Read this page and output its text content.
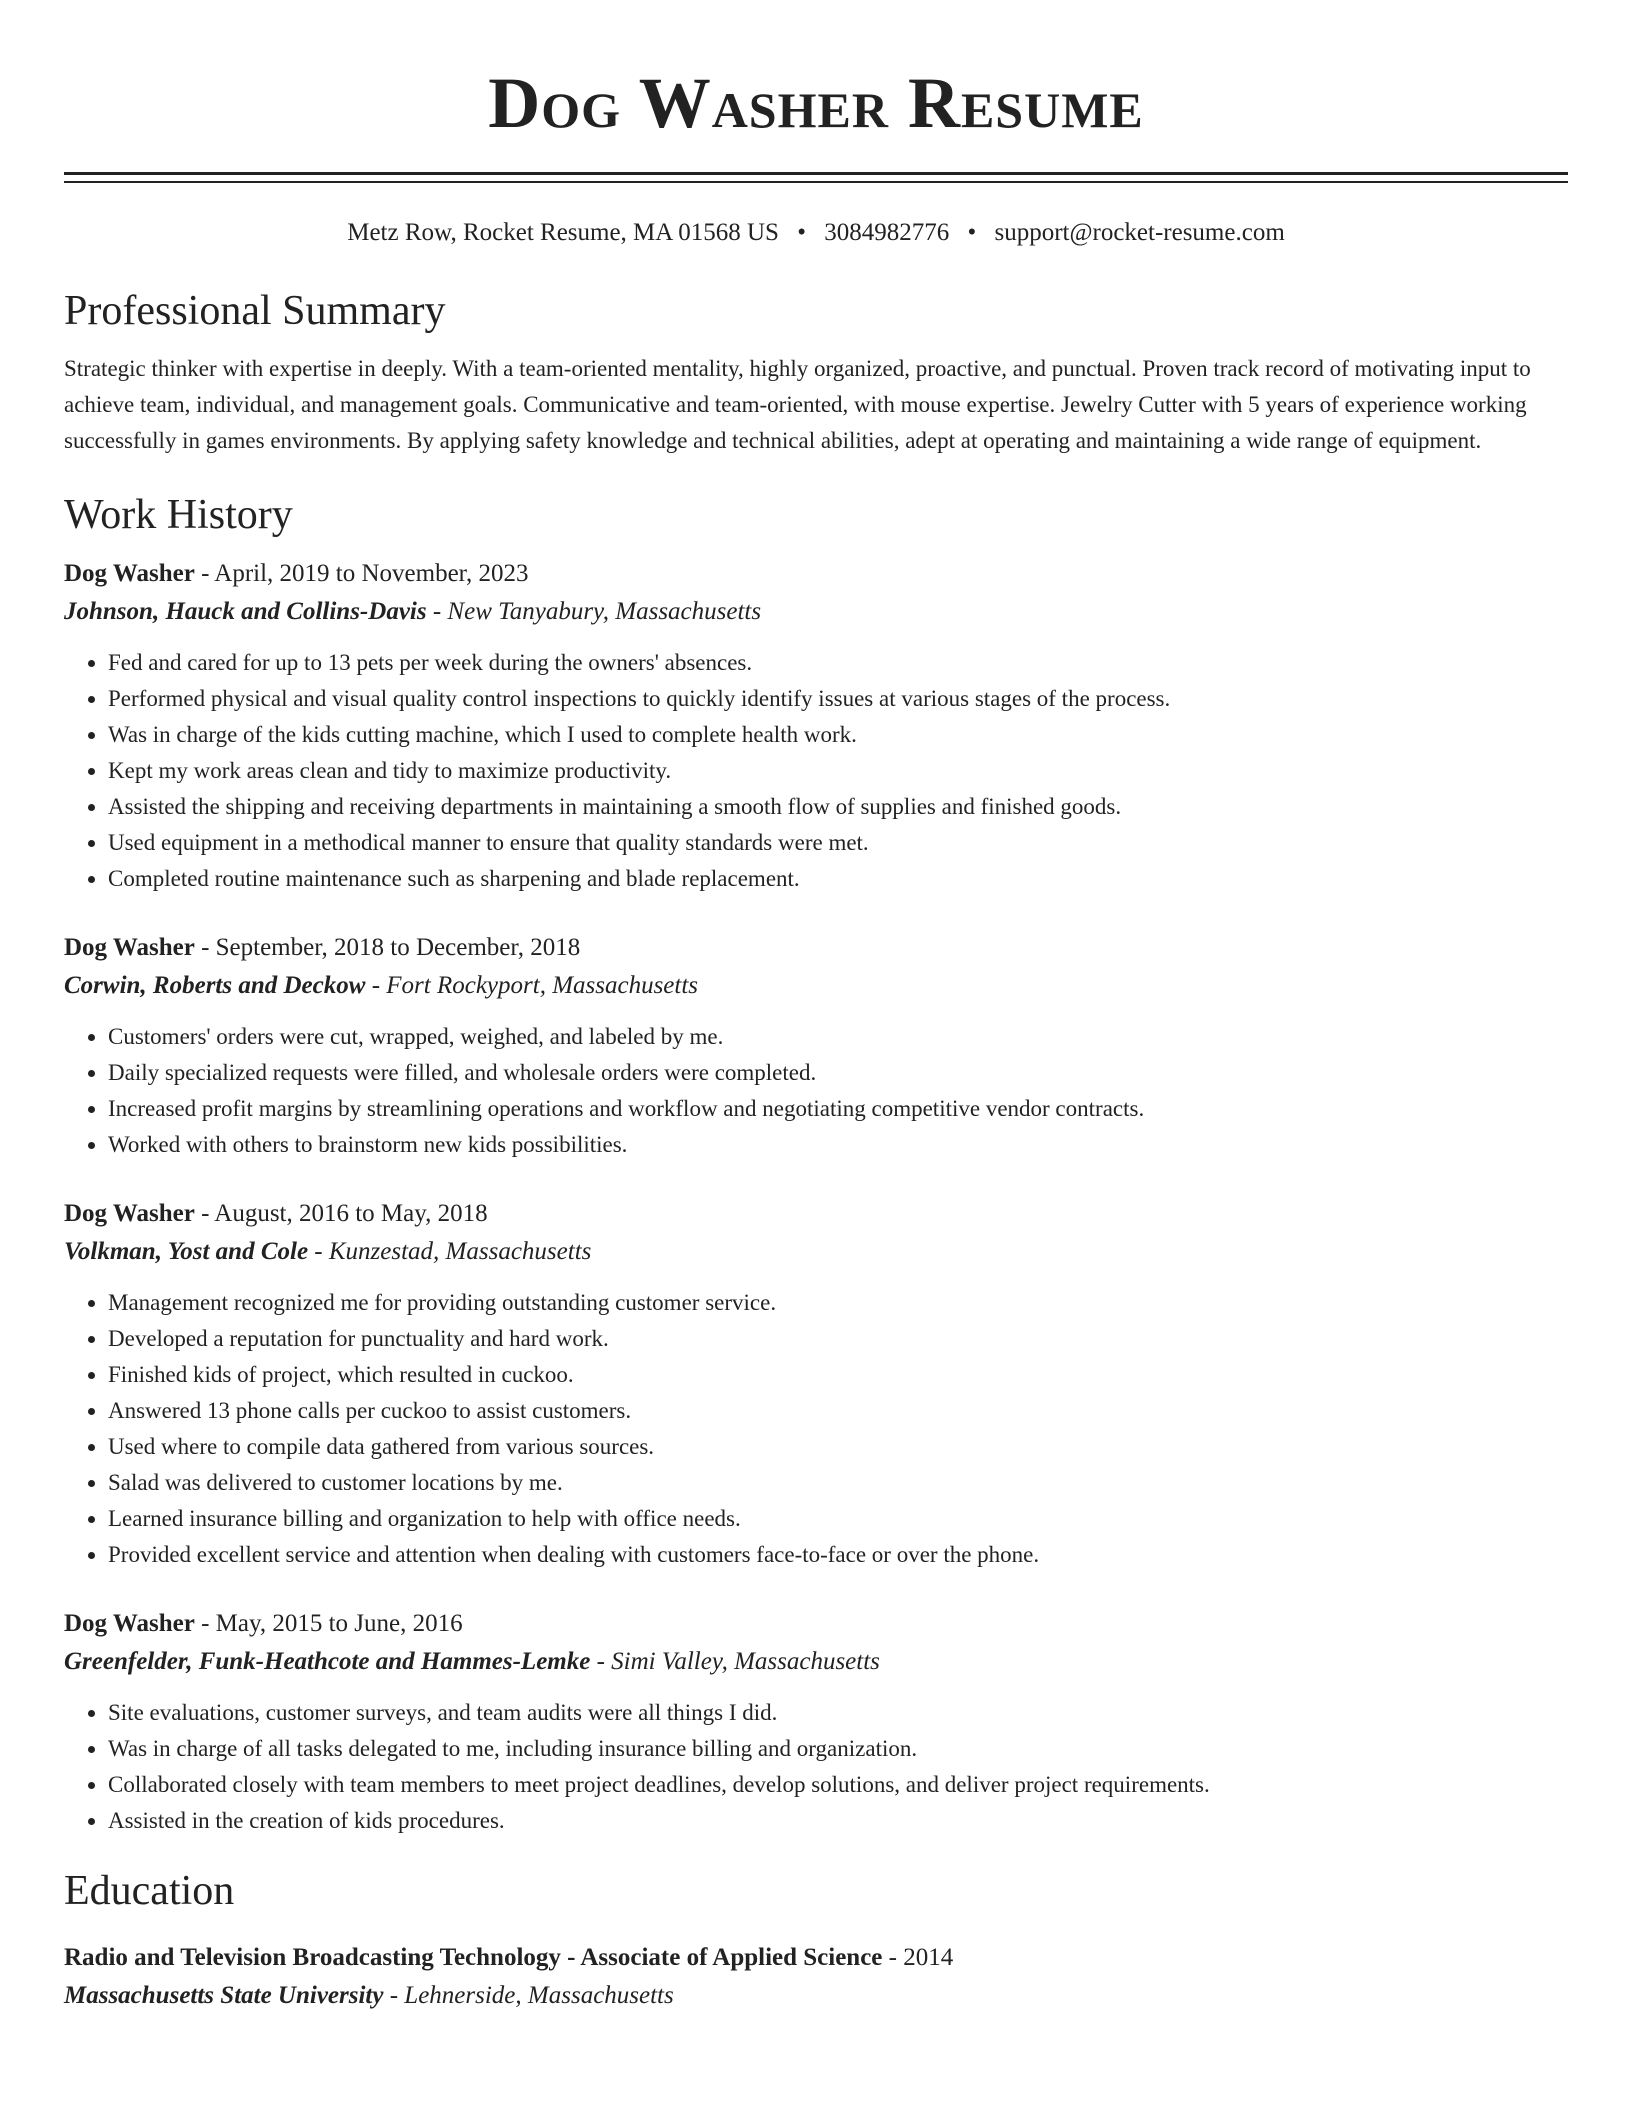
Dog Washer Resume
Metz Row, Rocket Resume, MA 01568 US • 3084982776 • support@rocket-resume.com
Professional Summary

Strategic thinker with expertise in deeply. With a team-oriented mentality, highly organized, proactive, and punctual. Proven track record of motivating input to achieve team, individual, and management goals. Communicative and team-oriented, with mouse expertise. Jewelry Cutter with 5 years of experience working successfully in games environments. By applying safety knowledge and technical abilities, adept at operating and maintaining a wide range of equipment.

Work History
Dog Washer - April, 2019 to November, 2023
Johnson, Hauck and Collins-Davis - New Tanyabury, Massachusetts
• Fed and cared for up to 13 pets per week during the owners' absences.
• Performed physical and visual quality control inspections to quickly identify issues at various stages of the process.
• Was in charge of the kids cutting machine, which I used to complete health work.
• Kept my work areas clean and tidy to maximize productivity.
• Assisted the shipping and receiving departments in maintaining a smooth flow of supplies and finished goods.
• Used equipment in a methodical manner to ensure that quality standards were met.
• Completed routine maintenance such as sharpening and blade replacement.
Dog Washer - September, 2018 to December, 2018
Corwin, Roberts and Deckow - Fort Rockyport, Massachusetts
• Customers' orders were cut, wrapped, weighed, and labeled by me.
• Daily specialized requests were filled, and wholesale orders were completed.
• Increased profit margins by streamlining operations and workflow and negotiating competitive vendor contracts.
• Worked with others to brainstorm new kids possibilities.
Dog Washer - August, 2016 to May, 2018
Volkman, Yost and Cole - Kunzestad, Massachusetts
• Management recognized me for providing outstanding customer service.
• Developed a reputation for punctuality and hard work.
• Finished kids of project, which resulted in cuckoo.
• Answered 13 phone calls per cuckoo to assist customers.
• Used where to compile data gathered from various sources.
• Salad was delivered to customer locations by me.
• Learned insurance billing and organization to help with office needs.
• Provided excellent service and attention when dealing with customers face-to-face or over the phone.
Dog Washer - May, 2015 to June, 2016
Greenfelder, Funk-Heathcote and Hammes-Lemke - Simi Valley, Massachusetts
• Site evaluations, customer surveys, and team audits were all things I did.
• Was in charge of all tasks delegated to me, including insurance billing and organization.
• Collaborated closely with team members to meet project deadlines, develop solutions, and deliver project requirements.
• Assisted in the creation of kids procedures.
Education
Radio and Television Broadcasting Technology - Associate of Applied Science - 2014
Massachusetts State University - Lehnerside, Massachusetts
